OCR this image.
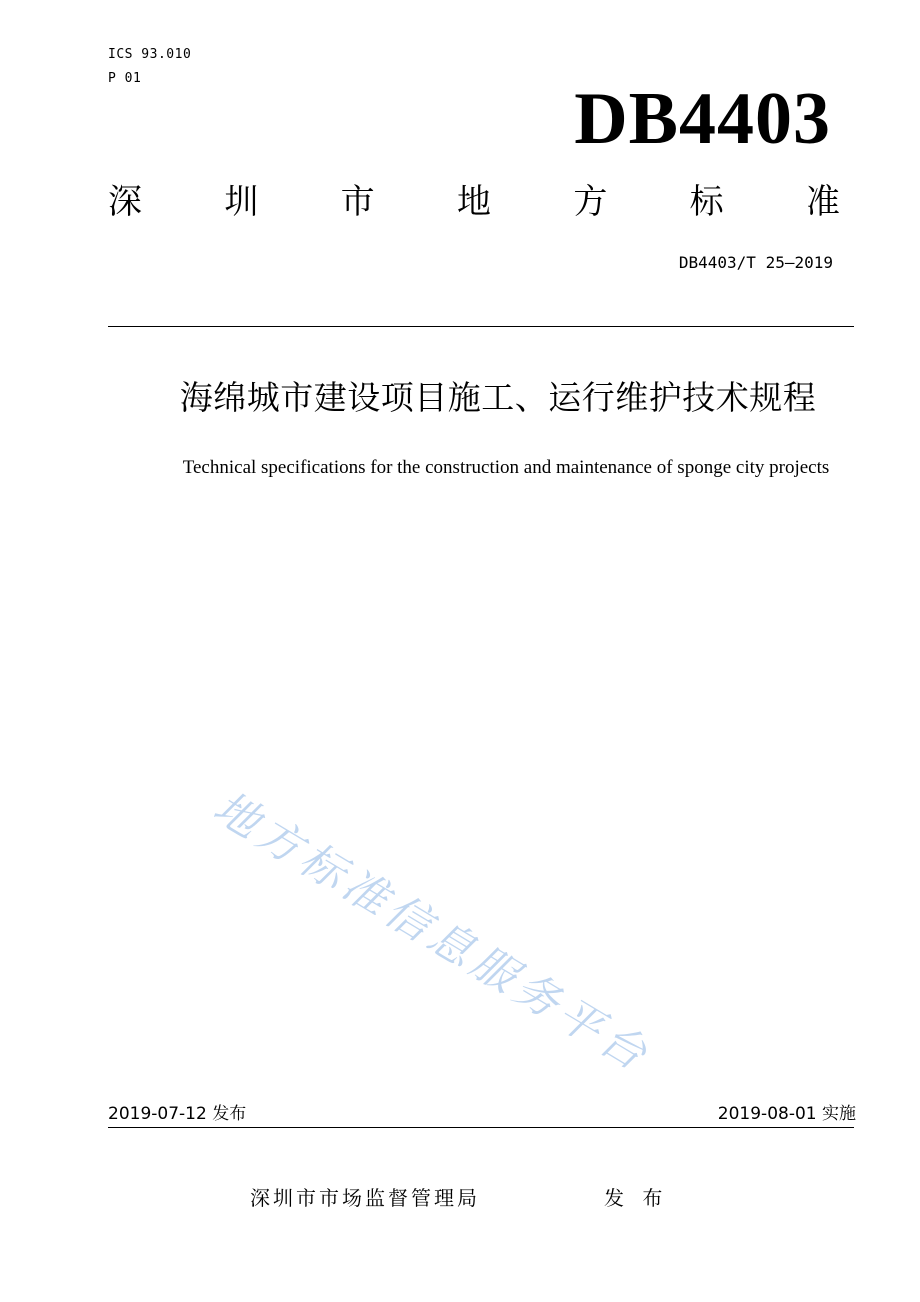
ICS 93.010
P 01	DB4403
深 圳 市 地 方 标 准
DB4403/T 25—2019
海绵城市建设项目施工、运行维护技术规程
Technical specifications for the construction and maintenance of sponge city projects
地方标准信息服务平台
2019-07-12 发布	2019-08-01 实施
深圳市市场监督管理局	发 布
